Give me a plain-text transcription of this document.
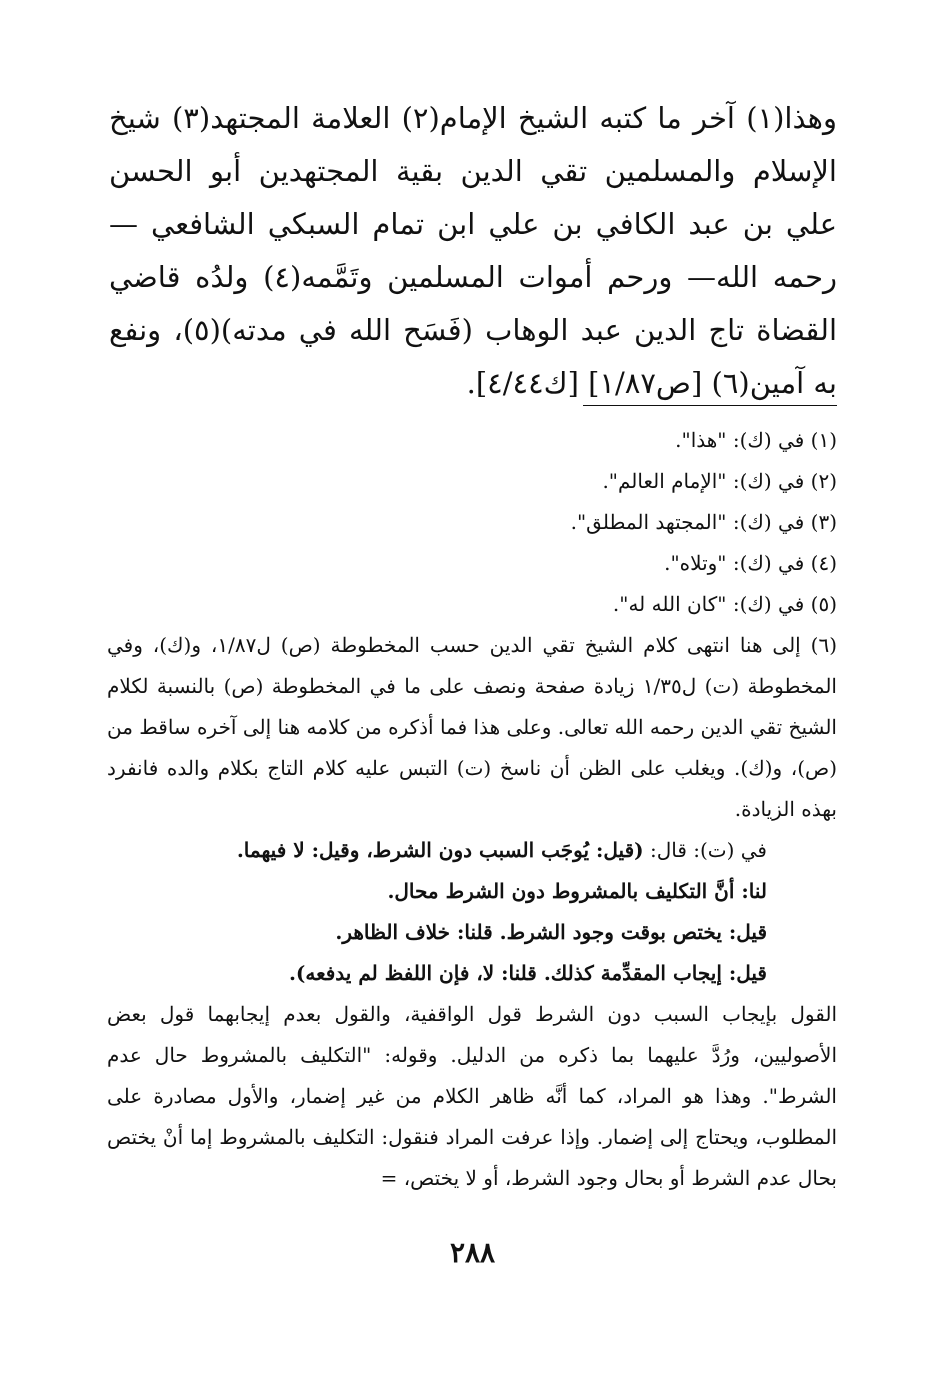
وهذا(١) آخر ما كتبه الشيخ الإمام(٢) العلامة المجتهد(٣) شيخ الإسلام والمسلمين تقي الدين بقية المجتهدين أبو الحسن علي بن عبد الكافي بن علي ابن تمام السبكي الشافعي —رحمه الله— ورحم أموات المسلمين وتَمَّمه(٤) ولدُه قاضي القضاة تاج الدين عبد الوهاب (فَسَح الله في مدته)(٥)، ونفع به آمين(٦) [ص١/٨٧] [ك٤/٤٤].

(١) في (ك): "هذا".

(٢) في (ك): "الإمام العالم".

(٣) في (ك): "المجتهد المطلق".

(٤) في (ك): "وتلاه".

(٥) في (ك): "كان الله له".

(٦) إلى هنا انتهى كلام الشيخ تقي الدين حسب المخطوطة (ص) ل١/٨٧، و(ك)، وفي المخطوطة (ت) ل١/٣٥ زيادة صفحة ونصف على ما في المخطوطة (ص) بالنسبة لكلام الشيخ تقي الدين رحمه الله تعالى. وعلى هذا فما أذكره من كلامه هنا إلى آخره ساقط من (ص)، و(ك). ويغلب على الظن أن ناسخ (ت) التبس عليه كلام التاج بكلام والده فانفرد بهذه الزيادة.

في (ت): قال: (قيل: يُوجَب السبب دون الشرط، وقيل: لا فيهما.

لنا: أنَّ التكليف بالمشروط دون الشرط محال.

قيل: يختص بوقت وجود الشرط. قلنا: خلاف الظاهر.

قيل: إيجاب المقدِّمة كذلك. قلنا: لا، فإن اللفظ لم يدفعه).

القول بإيجاب السبب دون الشرط قول الواقفية، والقول بعدم إيجابهما قول بعض الأصوليين، ورُدَّ عليهما بما ذكره من الدليل. وقوله: "التكليف بالمشروط حال عدم الشرط". وهذا هو المراد، كما أنَّه ظاهر الكلام من غير إضمار، والأول مصادرة على المطلوب، ويحتاج إلى إضمار. وإذا عرفت المراد فنقول: التكليف بالمشروط إما أنْ يختص بحال عدم الشرط أو بحال وجود الشرط، أو لا يختص، =

٢٨٨
